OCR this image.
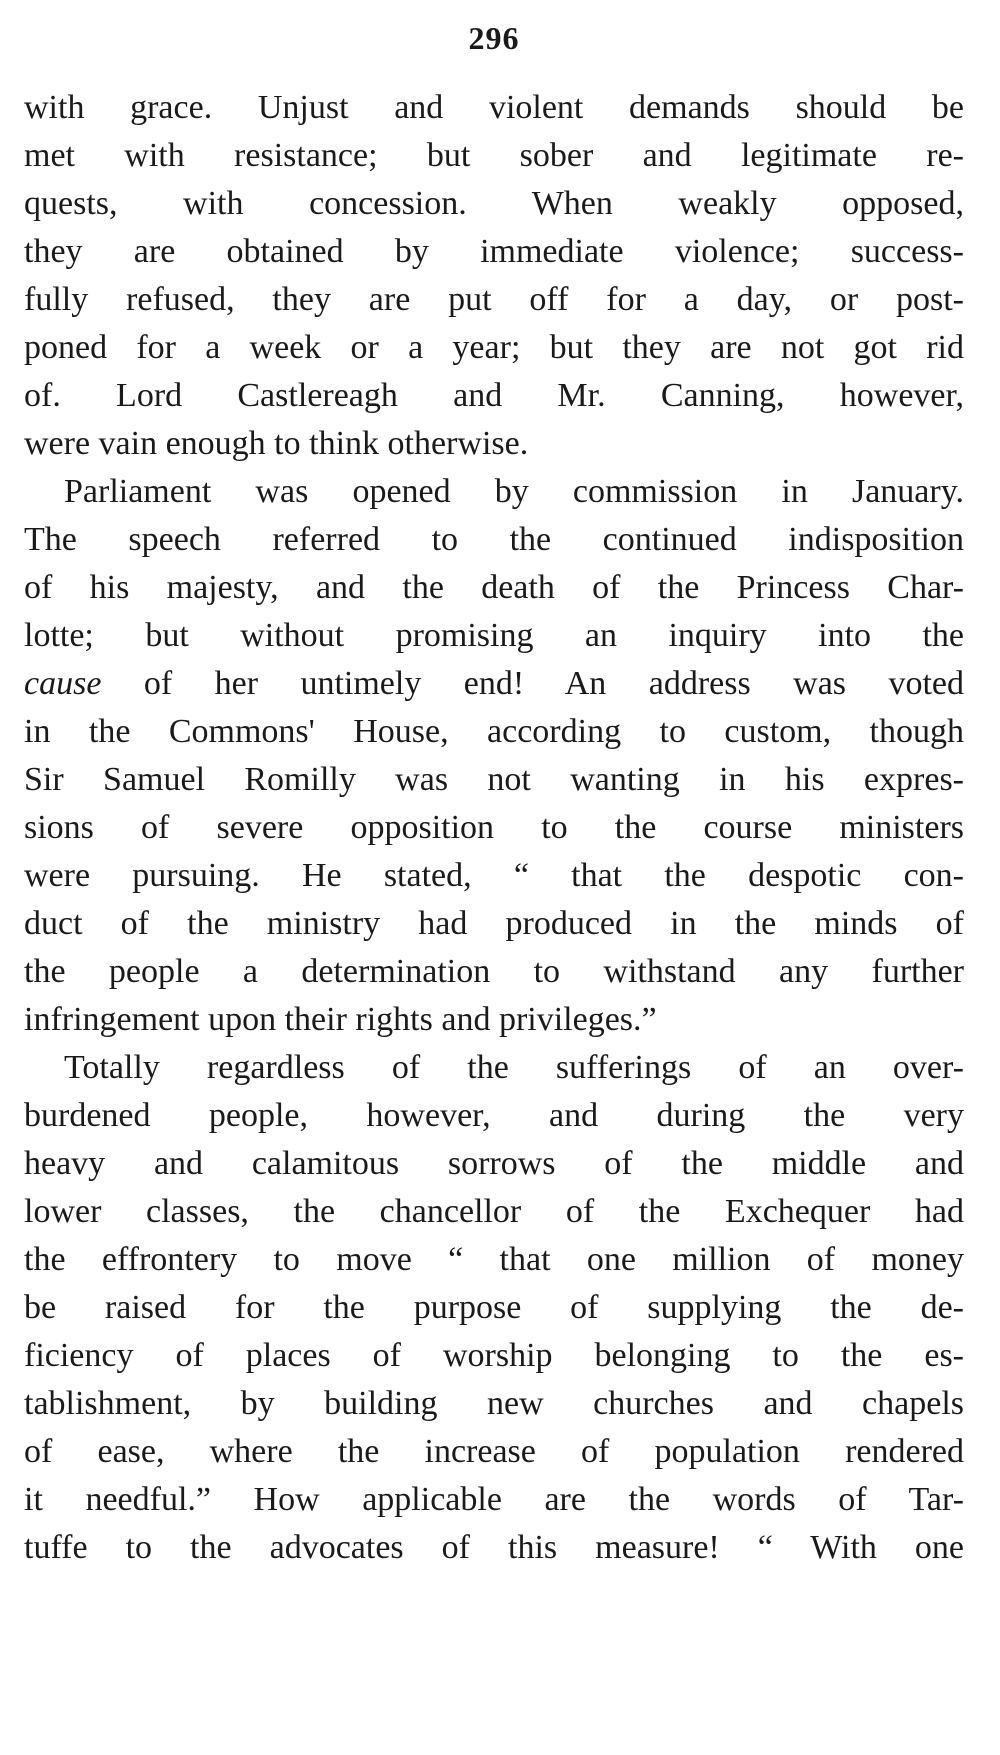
296
with grace. Unjust and violent demands should be
met with resistance; but sober and legitimate re-
quests, with concession. When weakly opposed,
they are obtained by immediate violence; success-
fully refused, they are put off for a day, or post-
poned for a week or a year; but they are not got rid
of. Lord Castlereagh and Mr. Canning, however,
were vain enough to think otherwise.
Parliament was opened by commission in January.
The speech referred to the continued indisposition
of his majesty, and the death of the Princess Char-
lotte; but without promising an inquiry into the
cause of her untimely end! An address was voted
in the Commons' House, according to custom, though
Sir Samuel Romilly was not wanting in his expres-
sions of severe opposition to the course ministers
were pursuing. He stated, “ that the despotic con-
duct of the ministry had produced in the minds of
the people a determination to withstand any further
infringement upon their rights and privileges.”
Totally regardless of the sufferings of an over-
burdened people, however, and during the very
heavy and calamitous sorrows of the middle and
lower classes, the chancellor of the Exchequer had
the effrontery to move “ that one million of money
be raised for the purpose of supplying the de-
ficiency of places of worship belonging to the es-
tablishment, by building new churches and chapels
of ease, where the increase of population rendered
it needful.” How applicable are the words of Tar-
tuffe to the advocates of this measure! “ With one
